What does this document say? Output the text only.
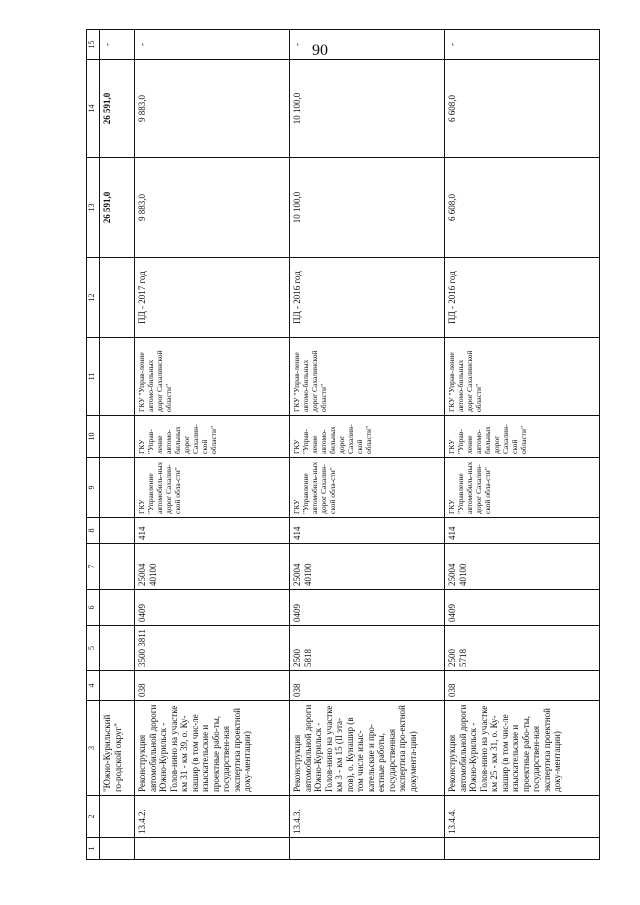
90
1	2	3	4	5	6	7	8	9	10	11	12	13	14	15
		"Южно-Курильский го-родской округ"										26 591,0	26 591,0	-
	13.4.2.	Реконструкция автомобильной дороги Южно-Курильск - Голов-нино на участке км 31 - км 39, о. Ку-нашир (в том чис-ле изыскательские и проектные рабо-ты, государствен-ная экспертиза проектной доку-ментации)	038	3500 3811	0409	25004 40100	414	ГКУ "Управление автомобиль-ных дорог Сахалин-ской обла-сти"	ГКУ "Управ-ление автомо-бильных дорог Сахалин-ской области"	ГКУ "Управ-ление автомо-бильных дорог Сахалинской области"	ПД - 2017 год	9 883,0	9 883,0	-
	13.4.3.	Реконструкция автомобильной дороги Южно-Курильск - Голов-нино на участке км 3 - км 15 (II эта-пов), о. Кунашир (в том числе изыс-кательские и про-ектные работы, государственная экспертиза про-ектной документа-ции)	038	2500 5818	0409	25004 40100	414	ГКУ "Управление автомобиль-ных дорог Сахалин-ской обла-сти"	ГКУ "Управ-ление автомо-бильных дорог Сахалин-ской области"	ГКУ "Управ-ление автомо-бильных дорог Сахалинской области"	ПД - 2016 год	10 100,0	10 100,0	-
	13.4.4.	Реконструкция автомобильной дороги Южно-Курильск - Голов-нино на участке км 25 - км 31, о. Ку-нашир (в том чис-ле изыскательские и проектные рабо-ты, государствен-ная экспертиза проектной доку-ментации)	038	2500 5718	0409	25004 40100	414	ГКУ "Управление автомобиль-ных дорог Сахалин-ской обла-сти"	ГКУ "Управ-ление автомо-бильных дорог Сахалин-ской области"	ГКУ "Управ-ление автомо-бильных дорог Сахалинской области"	ПД - 2016 год	6 608,0	6 608,0	-
